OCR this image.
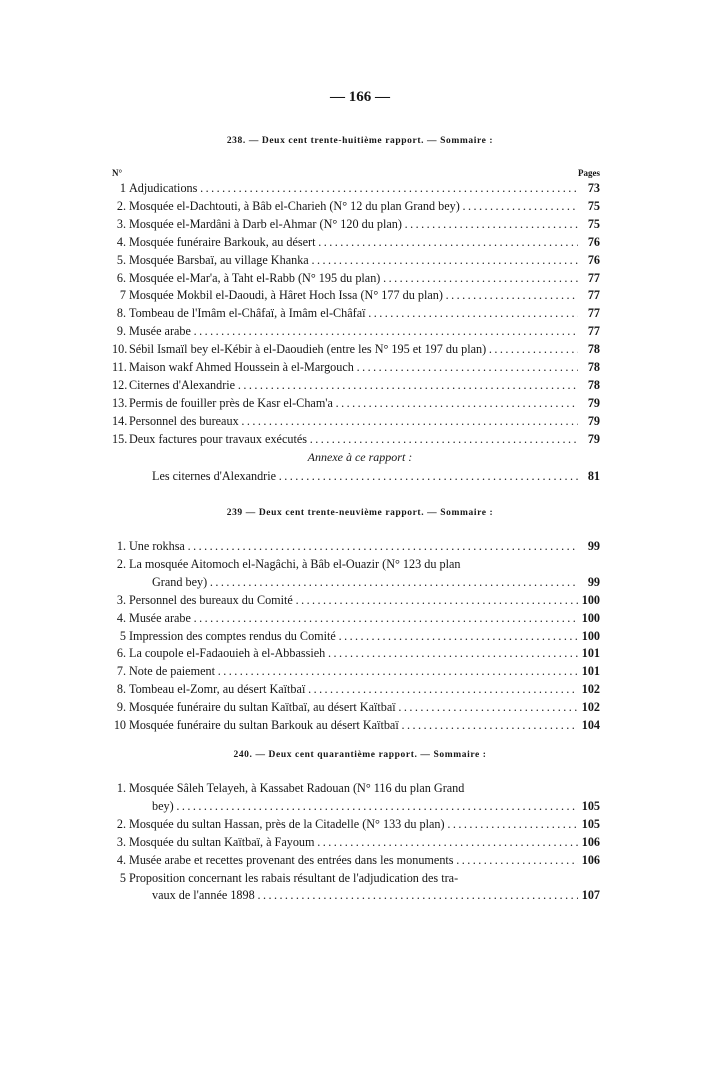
— 166 —
238. — Deux cent trente-huitième rapport. — Sommaire :
N°	Pages
1 Adjudications . . .	73
2. Mosquée el-Dachtouti, à Bâb el-Charieh (N° 12 du plan Grand bey) . . .	75
3. Mosquée el-Mardâni à Darb el-Ahmar (N° 120 du plan) . . .	75
4. Mosquée funéraire Barkouk, au désert . . .	76
5. Mosquée Barsbaï, au village Khanka . . .	76
6. Mosquée el-Mar'a, à Taht el-Rabb (N° 195 du plan) . . .	77
7 Mosquée Mokbil el-Daoudi, à Hâret Hoch Issa (N° 177 du plan) . . .	77
8. Tombeau de l'Imâm el-Châfaï, à Imâm el-Châfaï . . .	77
9. Musée arabe . . .	77
10. Sébil Ismaïl bey el-Kébir à el-Daoudieh (entre les N° 195 et 197 du plan) . . .	78
11. Maison wakf Ahmed Houssein à el-Margouch . . .	78
12. Citernes d'Alexandrie . . .	78
13. Permis de fouiller près de Kasr el-Cham'a . . .	79
14. Personnel des bureaux . . .	79
15. Deux factures pour travaux exécutés . . .	79
Annexe à ce rapport :
Les citernes d'Alexandrie . . .	81
239 — Deux cent trente-neuvième rapport. — Sommaire :
1. Une rokhsa . . .	99
2. La mosquée Aitomoch el-Nagâchi, à Bâb el-Ouazir (N° 123 du plan
Grand bey) . . .	99
3. Personnel des bureaux du Comité . . .	100
4. Musée arabe . . .	100
5 Impression des comptes rendus du Comité . . .	100
6. La coupole el-Fadaouieh à el-Abbassieh . . .	101
7. Note de paiement . . .	101
8. Tombeau el-Zomr, au désert Kaïtbaï . . .	102
9. Mosquée funéraire du sultan Kaïtbaï, au désert Kaïtbaï . . .	102
10 Mosquée funéraire du sultan Barkouk au désert Kaïtbaï . . .	104
240. — Deux cent quarantième rapport. — Sommaire :
1. Mosquée Sâleh Telayeh, à Kassabet Radouan (N° 116 du plan Grand
bey) . . .	105
2. Mosquée du sultan Hassan, près de la Citadelle (N° 133 du plan) . . .	105
3. Mosquée du sultan Kaïtbaï, à Fayoum . . .	106
4. Musée arabe et recettes provenant des entrées dans les monuments . . .	106
5 Proposition concernant les rabais résultant de l'adjudication des tra-
vaux de l'année 1898 . . .	107
